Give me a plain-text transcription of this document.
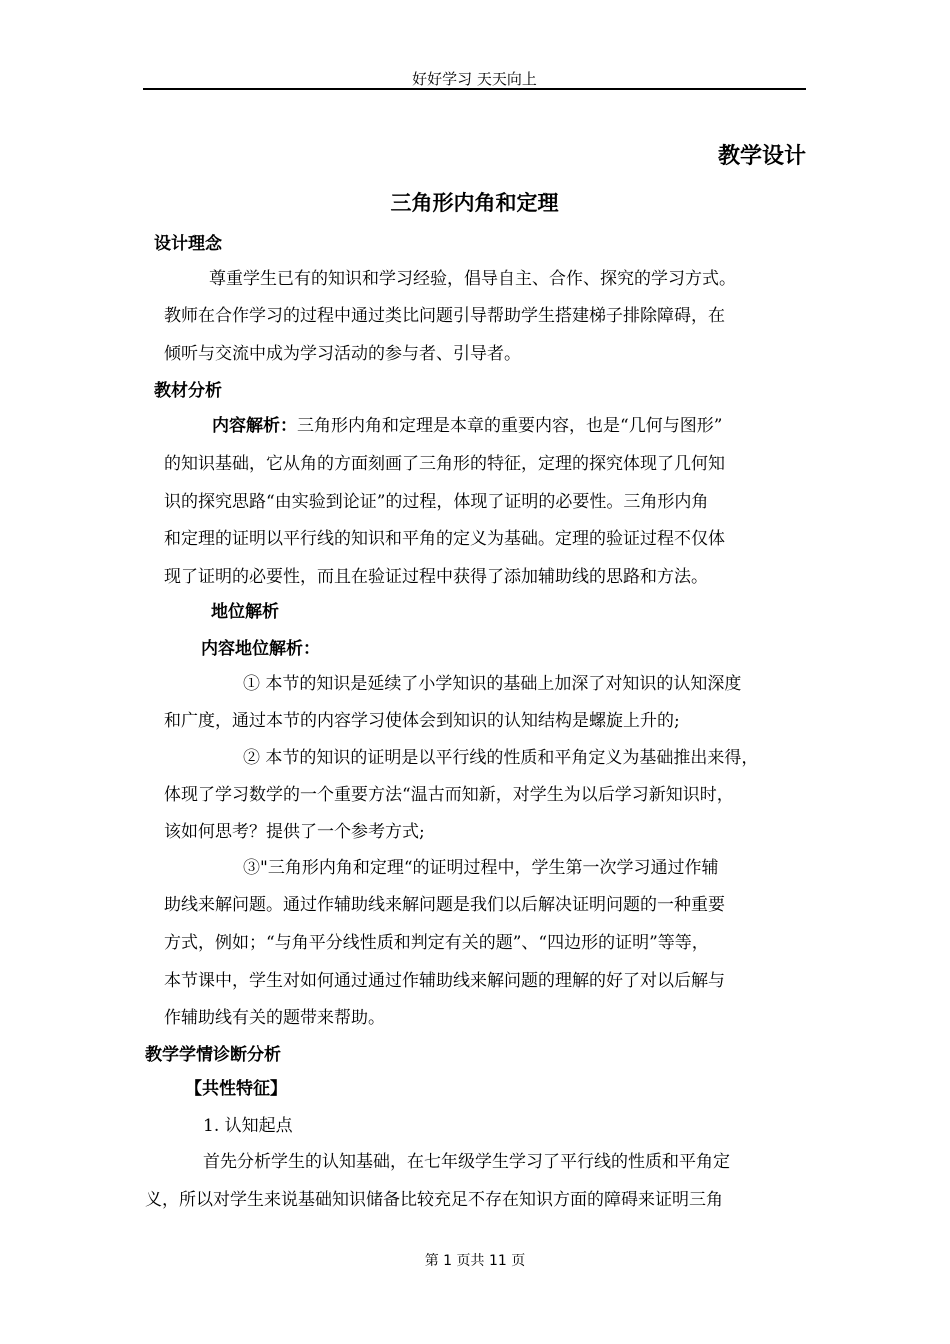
好好学习 天天向上
教学设计
三角形内角和定理
设计理念
尊重学生已有的知识和学习经验，倡导自主、合作、探究的学习方式。
教师在合作学习的过程中通过类比问题引导帮助学生搭建梯子排除障碍，在
倾听与交流中成为学习活动的参与者、引导者。
教材分析
内容解析：三角形内角和定理是本章的重要内容，也是“几何与图形”
的知识基础，它从角的方面刻画了三角形的特征，定理的探究体现了几何知
识的探究思路“由实验到论证”的过程，体现了证明的必要性。三角形内角
和定理的证明以平行线的知识和平角的定义为基础。定理的验证过程不仅体
现了证明的必要性，而且在验证过程中获得了添加辅助线的思路和方法。
地位解析
内容地位解析：
① 本节的知识是延续了小学知识的基础上加深了对知识的认知深度
和广度，通过本节的内容学习使体会到知识的认知结构是螺旋上升的;
② 本节的知识的证明是以平行线的性质和平角定义为基础推出来得，
体现了学习数学的一个重要方法“温古而知新，对学生为以后学习新知识时，
该如何思考？提供了一个参考方式;
③"三角形内角和定理“的证明过程中，学生第一次学习通过作辅
助线来解问题。通过作辅助线来解问题是我们以后解决证明问题的一种重要
方式，例如；“与角平分线性质和判定有关的题”、“四边形的证明”等等，
本节课中，学生对如何通过通过作辅助线来解问题的理解的好了对以后解与
作辅助线有关的题带来帮助。
教学学情诊断分析
【共性特征】
1. 认知起点
首先分析学生的认知基础，在七年级学生学习了平行线的性质和平角定
义，所以对学生来说基础知识储备比较充足不存在知识方面的障碍来证明三角
第 1 页共 11 页
